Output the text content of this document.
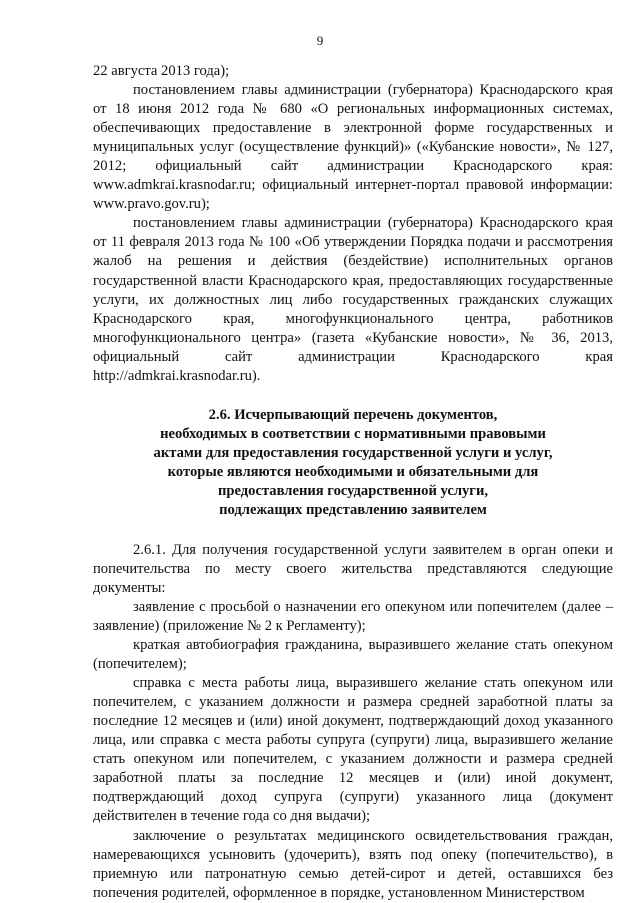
9

22 августа 2013 года);

постановлением главы администрации (губернатора) Краснодарского края от 18 июня 2012 года № 680 «О региональных информационных системах, обеспечивающих предоставление в электронной форме государственных и муниципальных услуг (осуществление функций)» («Кубанские новости», № 127, 2012; официальный сайт администрации Краснодарского края: www.admkrai.krasnodar.ru; официальный интернет-портал правовой информации: www.pravo.gov.ru);

постановлением главы администрации (губернатора) Краснодарского края от 11 февраля 2013 года № 100 «Об утверждении Порядка подачи и рассмотрения жалоб на решения и действия (бездействие) исполнительных органов государственной власти Краснодарского края, предоставляющих государственные услуги, их должностных лиц либо государственных гражданских служащих Краснодарского края, многофункционального центра, работников многофункционального центра» (газета «Кубанские новости», № 36, 2013, официальный сайт администрации Краснодарского края http://admkrai.krasnodar.ru).

2.6. Исчерпывающий перечень документов,
необходимых в соответствии с нормативными правовыми
актами для предоставления государственной услуги и услуг,
которые являются необходимыми и обязательными для
предоставления государственной услуги,
подлежащих представлению заявителем

2.6.1. Для получения государственной услуги заявителем в орган опеки и попечительства по месту своего жительства представляются следующие документы:

заявление с просьбой о назначении его опекуном или попечителем (далее – заявление) (приложение № 2 к Регламенту);

краткая автобиография гражданина, выразившего желание стать опекуном (попечителем);

справка с места работы лица, выразившего желание стать опекуном или попечителем, с указанием должности и размера средней заработной платы за последние 12 месяцев и (или) иной документ, подтверждающий доход указанного лица, или справка с места работы супруга (супруги) лица, выразившего желание стать опекуном или попечителем, с указанием должности и размера средней заработной платы за последние 12 месяцев и (или) иной документ, подтверждающий доход супруга (супруги) указанного лица (документ действителен в течение года со дня выдачи);

заключение о результатах медицинского освидетельствования граждан, намеревающихся усыновить (удочерить), взять под опеку (попечительство), в приемную или патронатную семью детей-сирот и детей, оставшихся без попечения родителей, оформленное в порядке, установленном Министерством
